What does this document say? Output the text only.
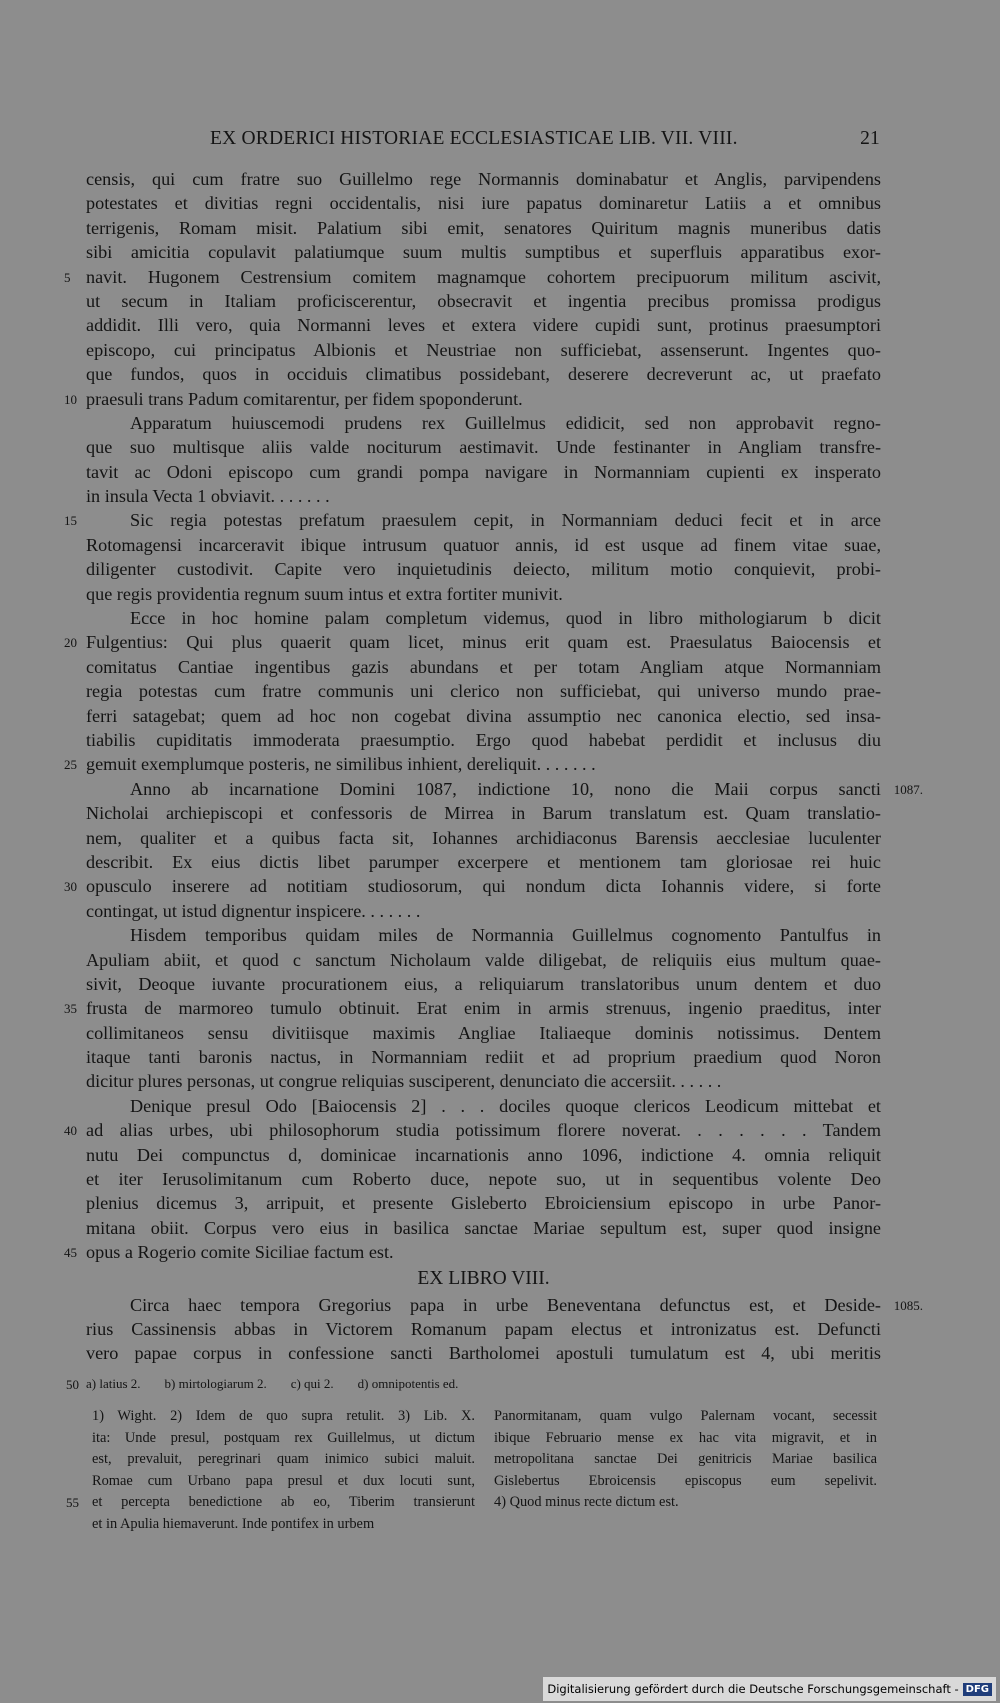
EX ORDERICI HISTORIAE ECCLESIASTICAE LIB. VII. VIII.	21
censis, qui cum fratre suo Guillelmo rege Normannis dominabatur et Anglis, parvipendens
potestates et divitias regni occidentalis, nisi iure papatus dominaretur Latiis a et omnibus
terrigenis, Romam misit. Palatium sibi emit, senatores Quiritum magnis muneribus datis
sibi amicitia copulavit palatiumque suum multis sumptibus et superfluis apparatibus exor-
navit. Hugonem Cestrensium comitem magnamque cohortem precipuorum militum ascivit,
5
ut secum in Italiam proficiscerentur, obsecravit et ingentia precibus promissa prodigus
addidit. Illi vero, quia Normanni leves et extera videre cupidi sunt, protinus praesumptori
episcopo, cui principatus Albionis et Neustriae non sufficiebat, assenserunt. Ingentes quo-
que fundos, quos in occiduis climatibus possidebant, deserere decreverunt ac, ut praefato
praesuli trans Padum comitarentur, per fidem spoponderunt.
10
Apparatum huiuscemodi prudens rex Guillelmus edidicit, sed non approbavit regno-
que suo multisque aliis valde nociturum aestimavit. Unde festinanter in Angliam transfre-
tavit ac Odoni episcopo cum grandi pompa navigare in Normanniam cupienti ex insperato
in insula Vecta 1 obviavit. . . . . . .
Sic regia potestas prefatum praesulem cepit, in Normanniam deduci fecit et in arce
15
Rotomagensi incarceravit ibique intrusum quatuor annis, id est usque ad finem vitae suae,
diligenter custodivit. Capite vero inquietudinis deiecto, militum motio conquievit, probi-
que regis providentia regnum suum intus et extra fortiter munivit.
Ecce in hoc homine palam completum videmus, quod in libro mithologiarum b dicit
Fulgentius: Qui plus quaerit quam licet, minus erit quam est. Praesulatus Baiocensis et
20
comitatus Cantiae ingentibus gazis abundans et per totam Angliam atque Normanniam
regia potestas cum fratre communis uni clerico non sufficiebat, qui universo mundo prae-
ferri satagebat; quem ad hoc non cogebat divina assumptio nec canonica electio, sed insa-
tiabilis cupiditatis immoderata praesumptio. Ergo quod habebat perdidit et inclusus diu
gemuit exemplumque posteris, ne similibus inhient, dereliquit. . . . . . .
25
Anno ab incarnatione Domini 1087, indictione 10, nono die Maii corpus sancti 1087.
Nicholai archiepiscopi et confessoris de Mirrea in Barum translatum est. Quam translatio-
nem, qualiter et a quibus facta sit, Iohannes archidiaconus Barensis aecclesiae luculenter
describit. Ex eius dictis libet parumper excerpere et mentionem tam gloriosae rei huic
opusculo inserere ad notitiam studiosorum, qui nondum dicta Iohannis videre, si forte
30
contingat, ut istud dignentur inspicere. . . . . . .
Hisdem temporibus quidam miles de Normannia Guillelmus cognomento Pantulfus in
Apuliam abiit, et quod c sanctum Nicholaum valde diligebat, de reliquiis eius multum quae-
sivit, Deoque iuvante procurationem eius, a reliquiarum translatoribus unum dentem et duo
frusta de marmoreo tumulo obtinuit. Erat enim in armis strenuus, ingenio praeditus, inter
35
collimitaneos sensu divitiisque maximis Angliae Italiaeque dominis notissimus. Dentem
itaque tanti baronis nactus, in Normanniam rediit et ad proprium praedium quod Noron
dicitur plures personas, ut congrue reliquias susciperent, denunciato die accersiit. . . . . .
Denique presul Odo [Baiocensis 2] . . . dociles quoque clericos Leodicum mittebat et
ad alias urbes, ubi philosophorum studia potissimum florere noverat. . . . . . . Tandem
40
nutu Dei compunctus d, dominicae incarnationis anno 1096, indictione 4. omnia reliquit
et iter Ierusolimitanum cum Roberto duce, nepote suo, ut in sequentibus volente Deo
plenius dicemus 3, arripuit, et presente Gisleberto Ebroiciensium episcopo in urbe Panor-
mitana obiit. Corpus vero eius in basilica sanctae Mariae sepultum est, super quod insigne
opus a Rogerio comite Siciliae factum est.
45
EX LIBRO VIII.
Circa haec tempora Gregorius papa in urbe Beneventana defunctus est, et Deside- 1085.
rius Cassinensis abbas in Victorem Romanum papam electus et intronizatus est. Defuncti
vero papae corpus in confessione sancti Bartholomei apostuli tumulatum est 4, ubi meritis
50 a) latius 2. b) mirtologiarum 2. c) qui 2. d) omnipotentis ed.
1) Wight. 2) Idem de quo supra retulit. 3) Lib. X.
ita: Unde presul, postquam rex Guillelmus, ut dictum
est, prevaluit, peregrinari quam inimico subici maluit.
Romae cum Urbano papa presul et dux locuti sunt,
et percepta benedictione ab eo, Tiberim transierunt
55
et in Apulia hiemaverunt. Inde pontifex in urbem
Panormitanam, quam vulgo Palernam vocant, secessit
ibique Februario mense ex hac vita migravit, et in
metropolitana sanctae Dei genitricis Mariae basilica
Gislebertus Ebroicensis episcopus eum sepelivit.
4) Quod minus recte dictum est.
Digitalisierung gefördert durch die Deutsche Forschungsgemeinschaft - DFG
